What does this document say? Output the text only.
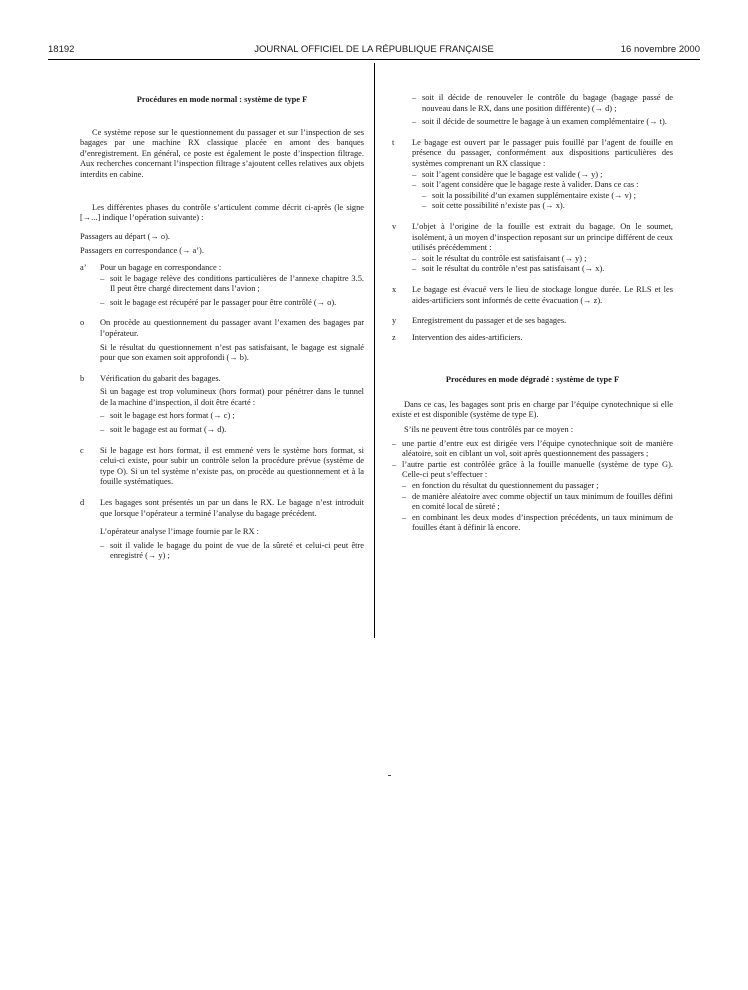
18192	JOURNAL OFFICIEL DE LA RÉPUBLIQUE FRANÇAISE	16 novembre 2000

Procédures en mode normal : système de type F

Ce système repose sur le questionnement du passager et sur l’inspection de ses bagages par une machine RX classique placée en amont des banques d’enregistrement. En général, ce poste est également le poste d’inspection filtrage. Aux recherches concernant l’inspection filtrage s’ajoutent celles relatives aux objets interdits en cabine.

Les différentes phases du contrôle s’articulent comme décrit ci-après (le signe [→...] indique l’opération suivante) :

Passagers au départ (→ o).

Passagers en correspondance (→ a’).

a’ Pour un bagage en correspondance :

– soit le bagage relève des conditions particulières de l’annexe chapitre 3.5. Il peut être chargé directement dans l’avion ;

– soit le bagage est récupéré par le passager pour être contrôlé (→ o).

o On procède au questionnement du passager avant l’examen des bagages par l’opérateur.

Si le résultat du questionnement n’est pas satisfaisant, le bagage est signalé pour que son examen soit approfondi (→ b).

b Vérification du gabarit des bagages.

Si un bagage est trop volumineux (hors format) pour pénétrer dans le tunnel de la machine d’inspection, il doit être écarté :

– soit le bagage est hors format (→ c) ;

– soit le bagage est au format (→ d).

c Si le bagage est hors format, il est emmené vers le système hors format, si celui-ci existe, pour subir un contrôle selon la procédure prévue (système de type O). Si un tel système n’existe pas, on procède au questionnement et à la fouille systématiques.

d Les bagages sont présentés un par un dans le RX. Le bagage n’est introduit que lorsque l’opérateur a terminé l’analyse du bagage précédent.

L’opérateur analyse l’image fournie par le RX :

– soit il valide le bagage du point de vue de la sûreté et celui-ci peut être enregistré (→ y) ;

– soit il décide de renouveler le contrôle du bagage (bagage passé de nouveau dans le RX, dans une position différente) (→ d) ;

– soit il décide de soumettre le bagage à un examen complémentaire (→ t).

t Le bagage est ouvert par le passager puis fouillé par l’agent de fouille en présence du passager, conformément aux dispositions particulières des systèmes comprenant un RX classique :

– soit l’agent considère que le bagage est valide (→ y) ;

– soit l’agent considère que le bagage reste à valider. Dans ce cas :

– soit la possibilité d’un examen supplémentaire existe (→ v) ;

– soit cette possibilité n’existe pas (→ x).

v L’objet à l’origine de la fouille est extrait du bagage. On le soumet, isolément, à un moyen d’inspection reposant sur un principe différent de ceux utilisés précédemment :

– soit le résultat du contrôle est satisfaisant (→ y) ;

– soit le résultat du contrôle n’est pas satisfaisant (→ x).

x Le bagage est évacué vers le lieu de stockage longue durée. Le RLS et les aides-artificiers sont informés de cette évacuation (→ z).

y Enregistrement du passager et de ses bagages.

z Intervention des aides-artificiers.

Procédures en mode dégradé : système de type F

Dans ce cas, les bagages sont pris en charge par l’équipe cynotechnique si elle existe et est disponible (système de type E).

S’ils ne peuvent être tous contrôlés par ce moyen :

– une partie d’entre eux est dirigée vers l’équipe cynotechnique soit de manière aléatoire, soit en ciblant un vol, soit après questionnement des passagers ;

– l’autre partie est contrôlée grâce à la fouille manuelle (système de type G). Celle-ci peut s’effectuer :

– en fonction du résultat du questionnement du passager ;

– de manière aléatoire avec comme objectif un taux minimum de fouilles défini en comité local de sûreté ;

– en combinant les deux modes d’inspection précédents, un taux minimum de fouilles étant à définir là encore.
